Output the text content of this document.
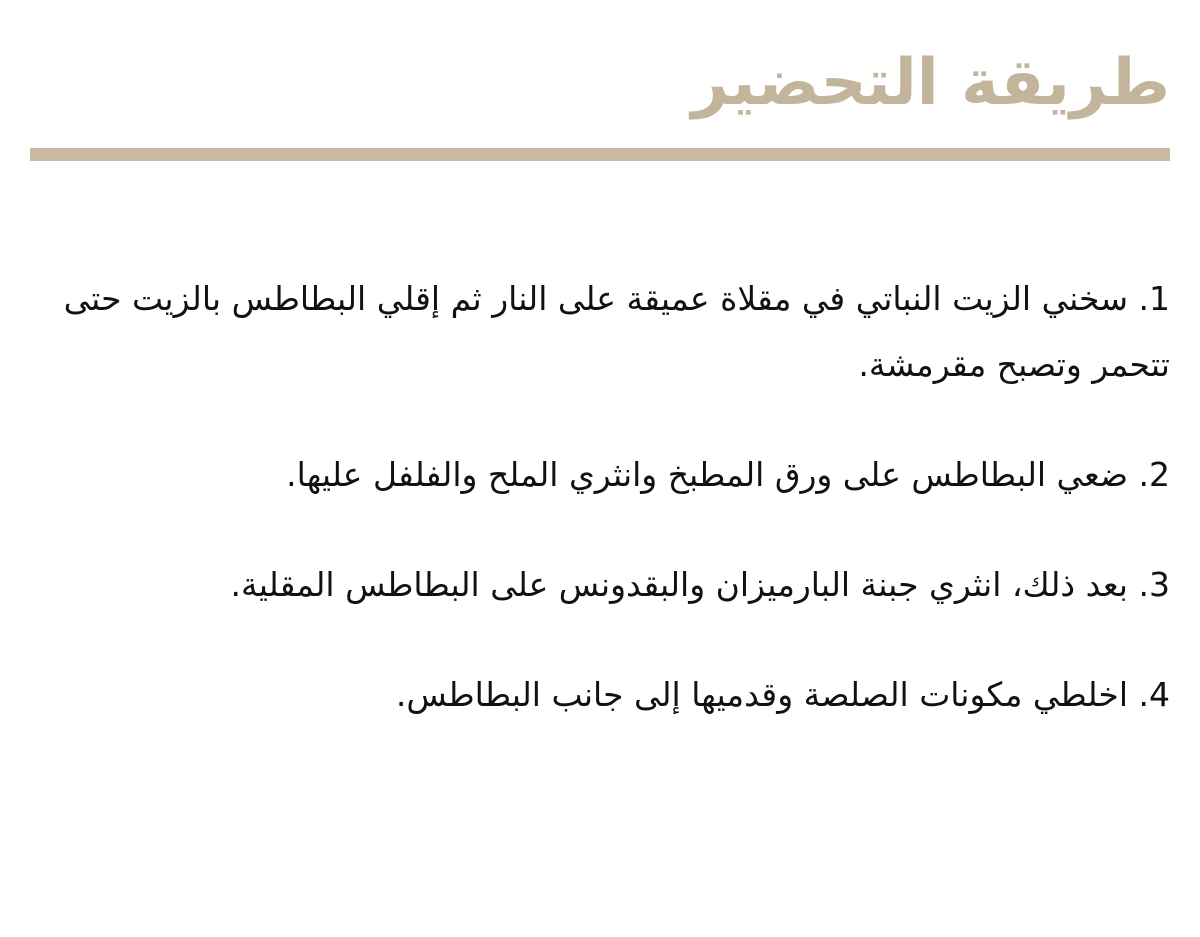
طريقة التحضير
1. سخني الزيت النباتي في مقلاة عميقة على النار ثم إقلي البطاطس بالزيت حتى تتحمر وتصبح مقرمشة.
2. ضعي البطاطس على ورق المطبخ وانثري الملح والفلفل عليها.
3. بعد ذلك، انثري جبنة البارميزان والبقدونس على البطاطس المقلية.
4. اخلطي مكونات الصلصة وقدميها إلى جانب البطاطس.
